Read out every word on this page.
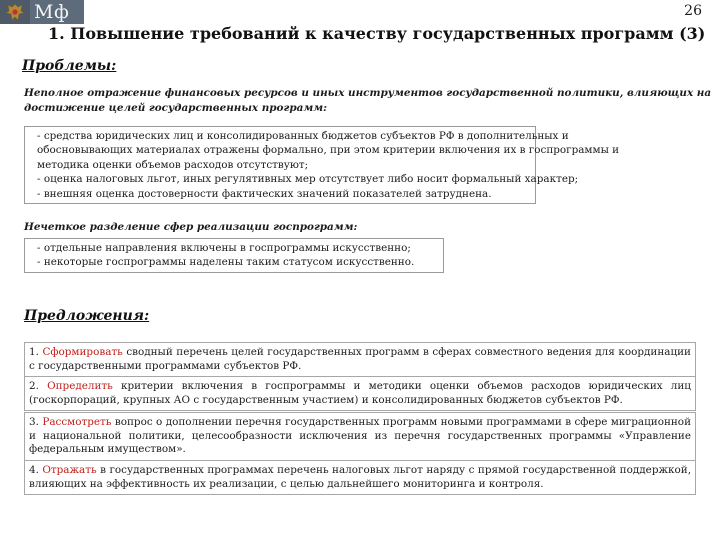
Мф	26
1. Повышение требований к качеству государственных программ (3)
Проблемы:
Неполное отражение финансовых ресурсов и иных инструментов государственной политики, влияющих на
достижение целей государственных программ:
- средства юридических лиц и консолидированных бюджетов субъектов РФ в дополнительных и
обосновывающих материалах отражены формально, при этом критерии включения их в госпрограммы и
методика оценки объемов расходов отсутствуют;
- оценка налоговых льгот, иных регулятивных мер отсутствует либо носит формальный характер;
- внешняя оценка достоверности фактических значений показателей затруднена.
Нечеткое разделение сфер реализации госпрограмм:
- отдельные направления включены в госпрограммы искусственно;
- некоторые госпрограммы наделены таким статусом искусственно.
Предложения:
1. Сформировать сводный перечень целей государственных программ в сферах совместного ведения для координации с государственными программами субъектов РФ.
2. Определить критерии включения в госпрограммы и методики оценки объемов расходов юридических лиц (госкорпораций, крупных АО с государственным участием) и консолидированных бюджетов субъектов РФ.
3. Рассмотреть вопрос о дополнении перечня государственных программ новыми программами в сфере миграционной и национальной политики, целесообразности исключения из перечня государственных программы «Управление федеральным имуществом».
4. Отражать в государственных программах перечень налоговых льгот наряду с прямой государственной поддержкой, влияющих на эффективность их реализации, с целью дальнейшего мониторинга и контроля.
